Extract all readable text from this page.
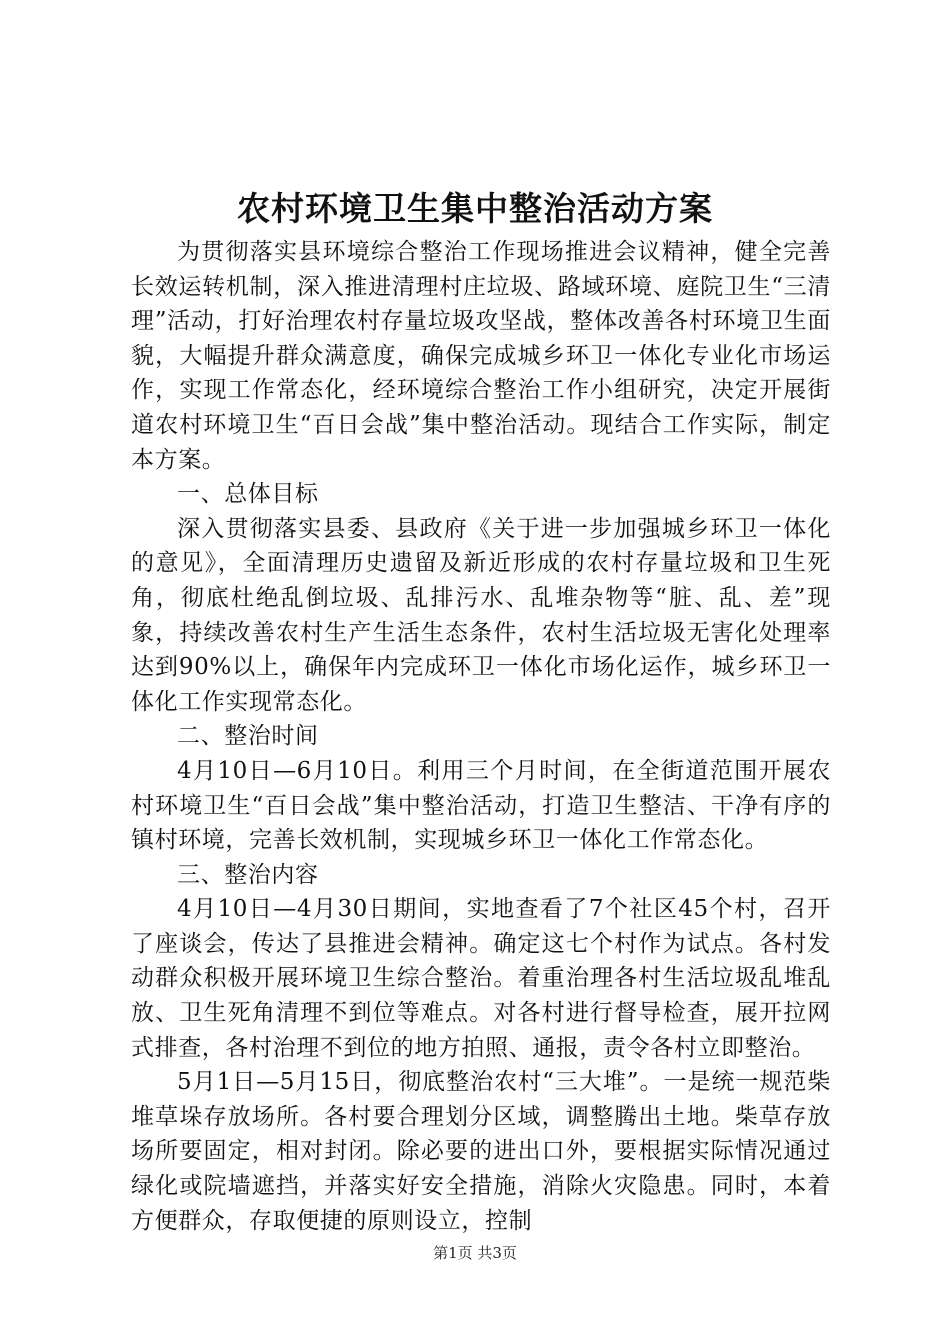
农村环境卫生集中整治活动方案

为贯彻落实县环境综合整治工作现场推进会议精神，健全完善长效运转机制，深入推进清理村庄垃圾、路域环境、庭院卫生“三清理”活动，打好治理农村存量垃圾攻坚战，整体改善各村环境卫生面貌，大幅提升群众满意度，确保完成城乡环卫一体化专业化市场运作，实现工作常态化，经环境综合整治工作小组研究，决定开展街道农村环境卫生“百日会战”集中整治活动。现结合工作实际，制定本方案。

一、总体目标

深入贯彻落实县委、县政府《关于进一步加强城乡环卫一体化的意见》，全面清理历史遗留及新近形成的农村存量垃圾和卫生死角，彻底杜绝乱倒垃圾、乱排污水、乱堆杂物等“脏、乱、差”现象，持续改善农村生产生活生态条件，农村生活垃圾无害化处理率达到90%以上，确保年内完成环卫一体化市场化运作，城乡环卫一体化工作实现常态化。

二、整治时间

4月10日—6月10日。利用三个月时间，在全街道范围开展农村环境卫生“百日会战”集中整治活动，打造卫生整洁、干净有序的镇村环境，完善长效机制，实现城乡环卫一体化工作常态化。

三、整治内容

4月10日—4月30日期间，实地查看了7个社区45个村，召开了座谈会，传达了县推进会精神。确定这七个村作为试点。各村发动群众积极开展环境卫生综合整治。着重治理各村生活垃圾乱堆乱放、卫生死角清理不到位等难点。对各村进行督导检查，展开拉网式排查，各村治理不到位的地方拍照、通报，责令各村立即整治。

5月1日—5月15日，彻底整治农村“三大堆”。一是统一规范柴堆草垛存放场所。各村要合理划分区域，调整腾出土地。柴草存放场所要固定，相对封闭。除必要的进出口外，要根据实际情况通过绿化或院墙遮挡，并落实好安全措施，消除火灾隐患。同时，本着方便群众，存取便捷的原则设立，控制

第1页 共3页
